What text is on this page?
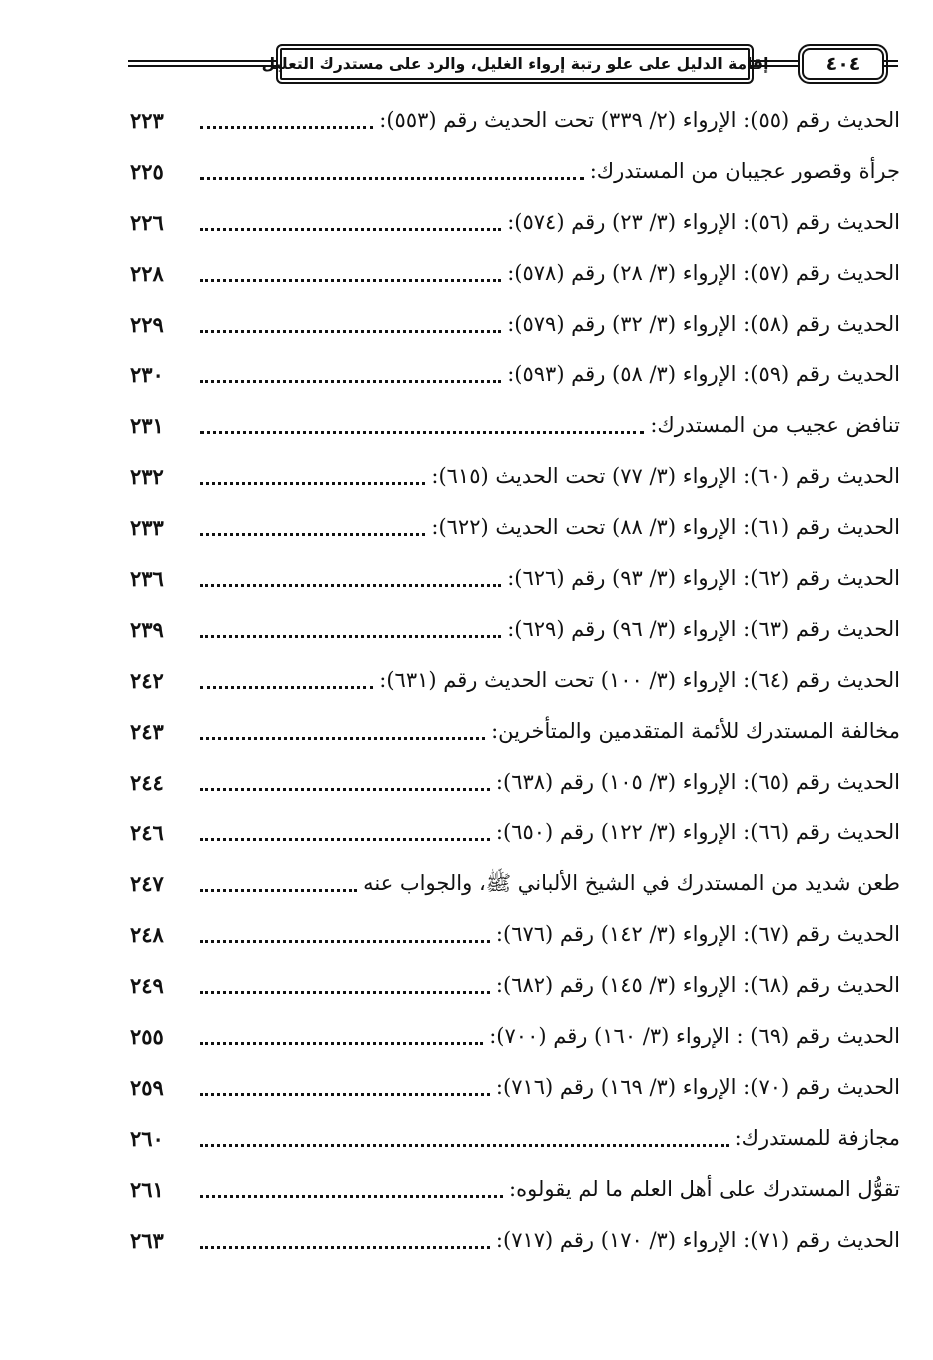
إقامة الدليل على علو رتبة إرواء الغليل، والرد على مستدرك التعليل	٤٠٤
الحديث رقم (٥٥): الإرواء (٢/ ٣٣٩) تحت الحديث رقم (٥٥٣):
٢٢٣
جرأة وقصور عجيبان من المستدرك:
٢٢٥
الحديث رقم (٥٦): الإرواء (٣/ ٢٣) رقم (٥٧٤):
٢٢٦
الحديث رقم (٥٧): الإرواء (٣/ ٢٨) رقم (٥٧٨):
٢٢٨
الحديث رقم (٥٨): الإرواء (٣/ ٣٢) رقم (٥٧٩):
٢٢٩
الحديث رقم (٥٩): الإرواء (٣/ ٥٨) رقم (٥٩٣):
٢٣٠
تنافض عجيب من المستدرك:
٢٣١
الحديث رقم (٦٠): الإرواء (٣/ ٧٧) تحت الحديث (٦١٥):
٢٣٢
الحديث رقم (٦١): الإرواء (٣/ ٨٨) تحت الحديث (٦٢٢):
٢٣٣
الحديث رقم (٦٢): الإرواء (٣/ ٩٣) رقم (٦٢٦):
٢٣٦
الحديث رقم (٦٣): الإرواء (٣/ ٩٦) رقم (٦٢٩):
٢٣٩
الحديث رقم (٦٤): الإرواء (٣/ ١٠٠) تحت الحديث رقم (٦٣١):
٢٤٢
مخالفة المستدرك للأئمة المتقدمين والمتأخرين:
٢٤٣
الحديث رقم (٦٥): الإرواء (٣/ ١٠٥) رقم (٦٣٨):
٢٤٤
الحديث رقم (٦٦): الإرواء (٣/ ١٢٢) رقم (٦٥٠):
٢٤٦
طعن شديد من المستدرك في الشيخ الألباني ﷺ، والجواب عنه
٢٤٧
الحديث رقم (٦٧): الإرواء (٣/ ١٤٢) رقم (٦٧٦):
٢٤٨
الحديث رقم (٦٨): الإرواء (٣/ ١٤٥) رقم (٦٨٢):
٢٤٩
الحديث رقم (٦٩) : الإرواء (٣/ ١٦٠) رقم (٧٠٠):
٢٥٥
الحديث رقم (٧٠): الإرواء (٣/ ١٦٩) رقم (٧١٦):
٢٥٩
مجازفة للمستدرك:
٢٦٠
تقوُّل المستدرك على أهل العلم ما لم يقولوه:
٢٦١
الحديث رقم (٧١): الإرواء (٣/ ١٧٠) رقم (٧١٧):
٢٦٣
